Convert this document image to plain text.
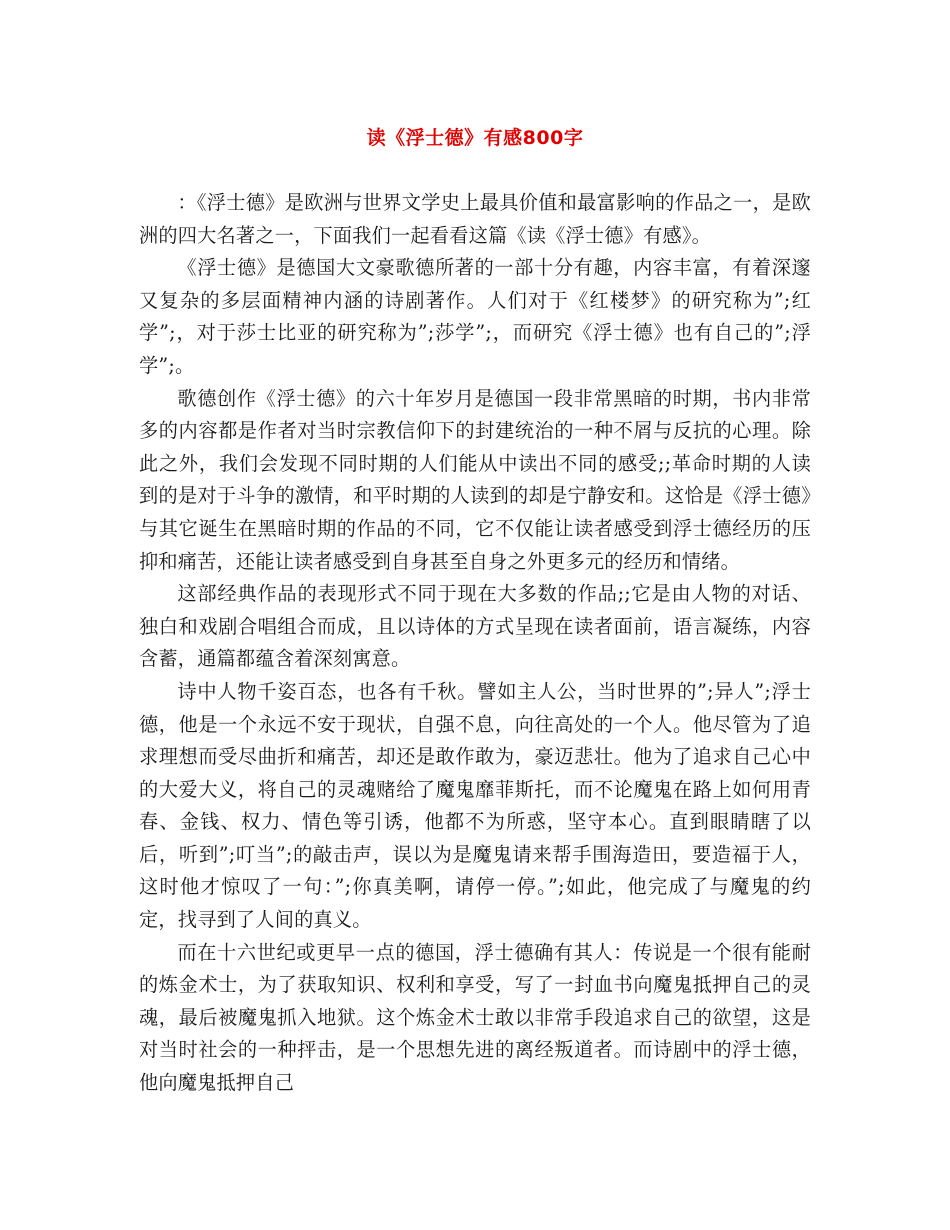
读《浮士德》有感800字

：《浮士德》是欧洲与世界文学史上最具价值和最富影响的作品之一，是欧洲的四大名著之一，下面我们一起看看这篇《读《浮士德》有感》。

《浮士德》是德国大文豪歌德所著的一部十分有趣，内容丰富，有着深邃又复杂的多层面精神内涵的诗剧著作。人们对于《红楼梦》的研究称为”;红学”;，对于莎士比亚的研究称为”;莎学”;，而研究《浮士德》也有自己的”;浮学”;。

歌德创作《浮士德》的六十年岁月是德国一段非常黑暗的时期，书内非常多的内容都是作者对当时宗教信仰下的封建统治的一种不屑与反抗的心理。除此之外，我们会发现不同时期的人们能从中读出不同的感受;;革命时期的人读到的是对于斗争的激情，和平时期的人读到的却是宁静安和。这恰是《浮士德》与其它诞生在黑暗时期的作品的不同，它不仅能让读者感受到浮士德经历的压抑和痛苦，还能让读者感受到自身甚至自身之外更多元的经历和情绪。

这部经典作品的表现形式不同于现在大多数的作品;;它是由人物的对话、独白和戏剧合唱组合而成，且以诗体的方式呈现在读者面前，语言凝练，内容含蓄，通篇都蕴含着深刻寓意。

诗中人物千姿百态，也各有千秋。譬如主人公，当时世界的”;异人”;浮士德，他是一个永远不安于现状，自强不息，向往高处的一个人。他尽管为了追求理想而受尽曲折和痛苦，却还是敢作敢为，豪迈悲壮。他为了追求自己心中的大爱大义，将自己的灵魂赌给了魔鬼靡菲斯托，而不论魔鬼在路上如何用青春、金钱、权力、情色等引诱，他都不为所惑，坚守本心。直到眼睛瞎了以后，听到”;叮当”;的敲击声，误以为是魔鬼请来帮手围海造田，要造福于人，这时他才惊叹了一句：”;你真美啊，请停一停。”;如此，他完成了与魔鬼的约定，找寻到了人间的真义。

而在十六世纪或更早一点的德国，浮士德确有其人：传说是一个很有能耐的炼金术士，为了获取知识、权利和享受，写了一封血书向魔鬼抵押自己的灵魂，最后被魔鬼抓入地狱。这个炼金术士敢以非常手段追求自己的欲望，这是对当时社会的一种抨击，是一个思想先进的离经叛道者。而诗剧中的浮士德，他向魔鬼抵押自己
